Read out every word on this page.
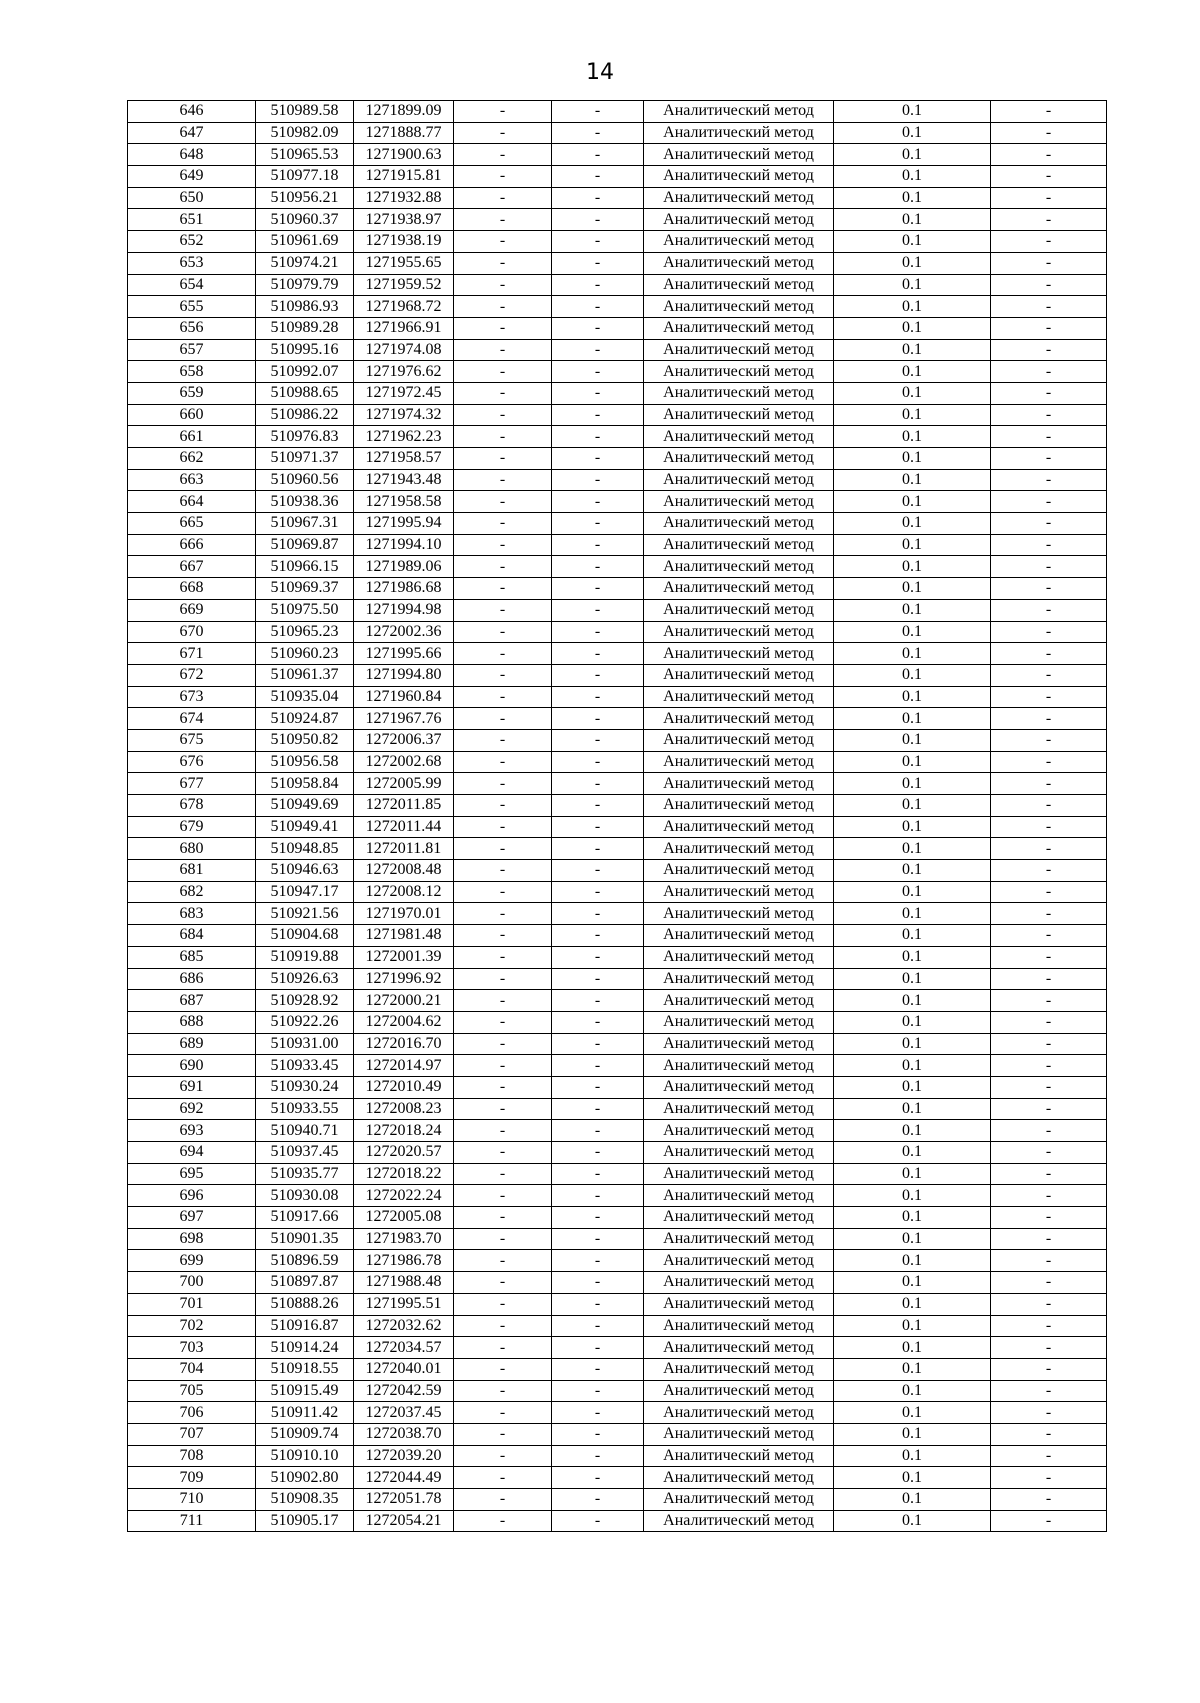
14
646	510989.58	1271899.09	-	-	Аналитический метод	0.1	-
647	510982.09	1271888.77	-	-	Аналитический метод	0.1	-
648	510965.53	1271900.63	-	-	Аналитический метод	0.1	-
649	510977.18	1271915.81	-	-	Аналитический метод	0.1	-
650	510956.21	1271932.88	-	-	Аналитический метод	0.1	-
651	510960.37	1271938.97	-	-	Аналитический метод	0.1	-
652	510961.69	1271938.19	-	-	Аналитический метод	0.1	-
653	510974.21	1271955.65	-	-	Аналитический метод	0.1	-
654	510979.79	1271959.52	-	-	Аналитический метод	0.1	-
655	510986.93	1271968.72	-	-	Аналитический метод	0.1	-
656	510989.28	1271966.91	-	-	Аналитический метод	0.1	-
657	510995.16	1271974.08	-	-	Аналитический метод	0.1	-
658	510992.07	1271976.62	-	-	Аналитический метод	0.1	-
659	510988.65	1271972.45	-	-	Аналитический метод	0.1	-
660	510986.22	1271974.32	-	-	Аналитический метод	0.1	-
661	510976.83	1271962.23	-	-	Аналитический метод	0.1	-
662	510971.37	1271958.57	-	-	Аналитический метод	0.1	-
663	510960.56	1271943.48	-	-	Аналитический метод	0.1	-
664	510938.36	1271958.58	-	-	Аналитический метод	0.1	-
665	510967.31	1271995.94	-	-	Аналитический метод	0.1	-
666	510969.87	1271994.10	-	-	Аналитический метод	0.1	-
667	510966.15	1271989.06	-	-	Аналитический метод	0.1	-
668	510969.37	1271986.68	-	-	Аналитический метод	0.1	-
669	510975.50	1271994.98	-	-	Аналитический метод	0.1	-
670	510965.23	1272002.36	-	-	Аналитический метод	0.1	-
671	510960.23	1271995.66	-	-	Аналитический метод	0.1	-
672	510961.37	1271994.80	-	-	Аналитический метод	0.1	-
673	510935.04	1271960.84	-	-	Аналитический метод	0.1	-
674	510924.87	1271967.76	-	-	Аналитический метод	0.1	-
675	510950.82	1272006.37	-	-	Аналитический метод	0.1	-
676	510956.58	1272002.68	-	-	Аналитический метод	0.1	-
677	510958.84	1272005.99	-	-	Аналитический метод	0.1	-
678	510949.69	1272011.85	-	-	Аналитический метод	0.1	-
679	510949.41	1272011.44	-	-	Аналитический метод	0.1	-
680	510948.85	1272011.81	-	-	Аналитический метод	0.1	-
681	510946.63	1272008.48	-	-	Аналитический метод	0.1	-
682	510947.17	1272008.12	-	-	Аналитический метод	0.1	-
683	510921.56	1271970.01	-	-	Аналитический метод	0.1	-
684	510904.68	1271981.48	-	-	Аналитический метод	0.1	-
685	510919.88	1272001.39	-	-	Аналитический метод	0.1	-
686	510926.63	1271996.92	-	-	Аналитический метод	0.1	-
687	510928.92	1272000.21	-	-	Аналитический метод	0.1	-
688	510922.26	1272004.62	-	-	Аналитический метод	0.1	-
689	510931.00	1272016.70	-	-	Аналитический метод	0.1	-
690	510933.45	1272014.97	-	-	Аналитический метод	0.1	-
691	510930.24	1272010.49	-	-	Аналитический метод	0.1	-
692	510933.55	1272008.23	-	-	Аналитический метод	0.1	-
693	510940.71	1272018.24	-	-	Аналитический метод	0.1	-
694	510937.45	1272020.57	-	-	Аналитический метод	0.1	-
695	510935.77	1272018.22	-	-	Аналитический метод	0.1	-
696	510930.08	1272022.24	-	-	Аналитический метод	0.1	-
697	510917.66	1272005.08	-	-	Аналитический метод	0.1	-
698	510901.35	1271983.70	-	-	Аналитический метод	0.1	-
699	510896.59	1271986.78	-	-	Аналитический метод	0.1	-
700	510897.87	1271988.48	-	-	Аналитический метод	0.1	-
701	510888.26	1271995.51	-	-	Аналитический метод	0.1	-
702	510916.87	1272032.62	-	-	Аналитический метод	0.1	-
703	510914.24	1272034.57	-	-	Аналитический метод	0.1	-
704	510918.55	1272040.01	-	-	Аналитический метод	0.1	-
705	510915.49	1272042.59	-	-	Аналитический метод	0.1	-
706	510911.42	1272037.45	-	-	Аналитический метод	0.1	-
707	510909.74	1272038.70	-	-	Аналитический метод	0.1	-
708	510910.10	1272039.20	-	-	Аналитический метод	0.1	-
709	510902.80	1272044.49	-	-	Аналитический метод	0.1	-
710	510908.35	1272051.78	-	-	Аналитический метод	0.1	-
711	510905.17	1272054.21	-	-	Аналитический метод	0.1	-
